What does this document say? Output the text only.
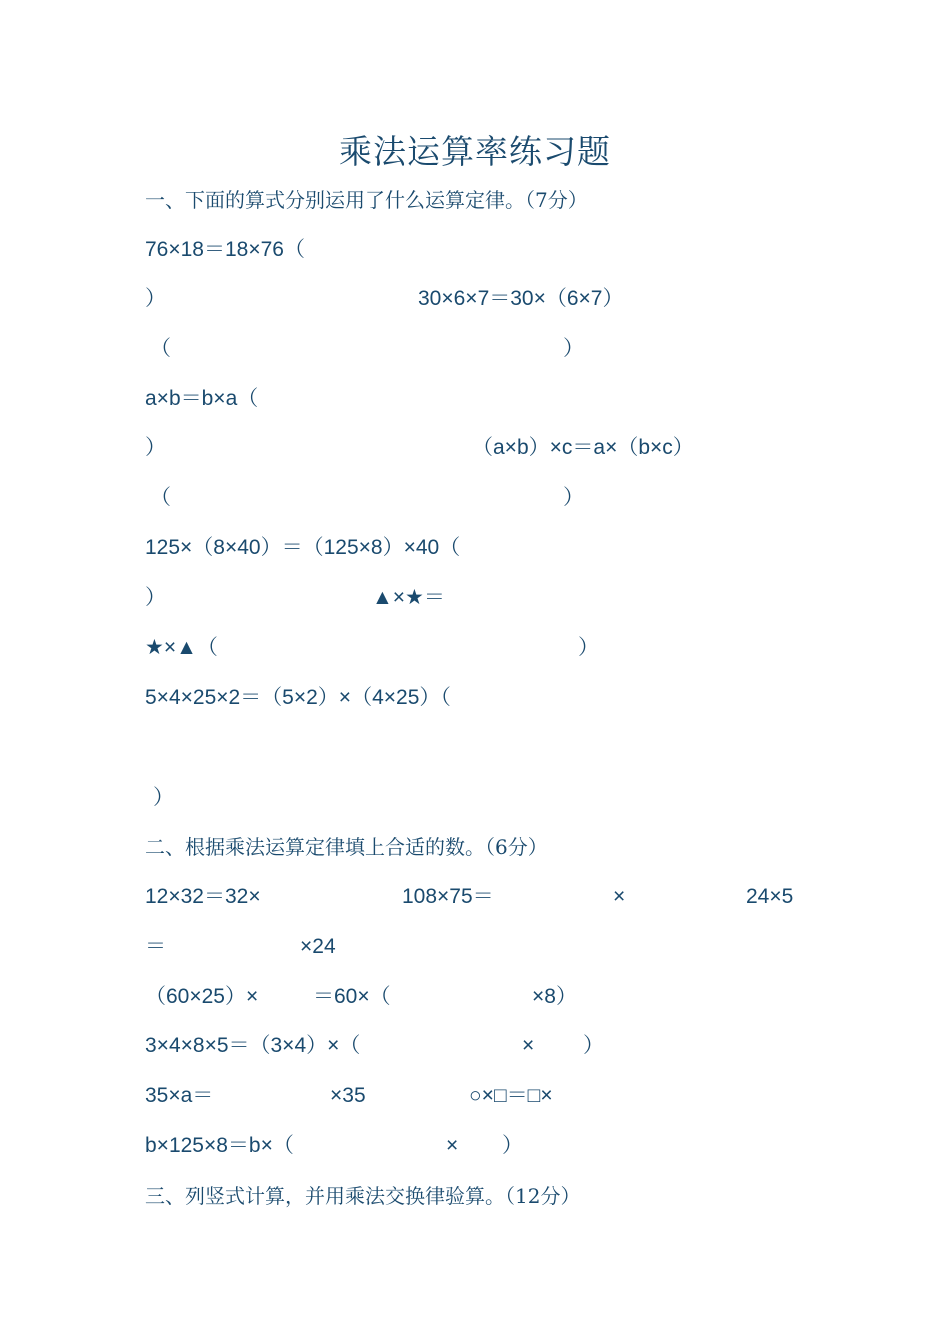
乘法运算率练习题
一、下面的算式分别运用了什么运算定律。（7分）
76×18＝18×76（
）	30×6×7＝30×（6×7）
（	）
a×b＝b×a（
）	（a×b）×c＝a×（b×c）
（	）
125×（8×40）＝（125×8）×40（
）	▲×★＝
★×▲（	）
5×4×25×2＝（5×2）×（4×25）（
）
二、根据乘法运算定律填上合适的数。（6分）
12×32＝32×	108×75＝	×	24×5
＝	×24
（60×25）×	＝60×（	×8）
3×4×8×5＝（3×4）×（	× ）
35×a＝	×35	○×□＝□×
b×125×8＝b×（	× ）
三、列竖式计算，并用乘法交换律验算。（12分）
